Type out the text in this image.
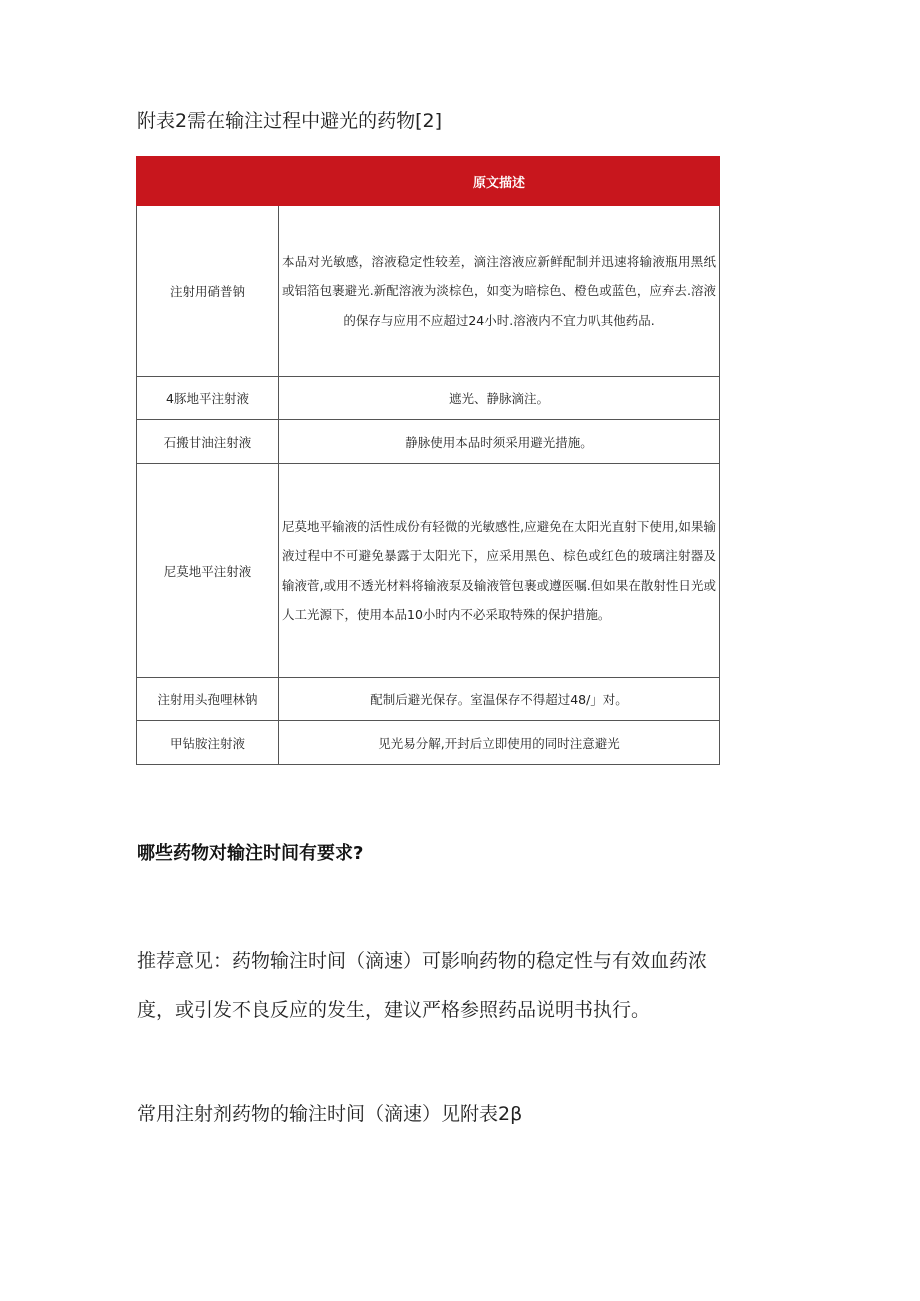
附表2需在输注过程中避光的药物[2]
	原文描述
注射用硝普钠	本品对光敏感，溶液稳定性较差，滴注溶液应新鲜配制并迅速将输液瓶用黑纸或铝箔包裹避光.新配溶液为淡棕色，如变为暗棕色、橙色或蓝色，应弃去.溶液的保存与应用不应超过24小时.溶液内不宜力叭其他药品.
4豚地平注射液	遮光、静脉滴注。
石搬甘油注射液	静脉使用本品时须采用避光措施。
尼莫地平注射液	尼莫地平输液的活性成份有轻微的光敏感性,应避免在太阳光直射下使用,如果输液过程中不可避免暴露于太阳光下，应采用黑色、棕色或红色的玻璃注射器及输液菅,或用不透光材料将输液泵及输液管包裹或遵医嘱.但如果在散射性日光或人工光源下，使用本品10小时内不必采取特殊的保护措施。
注射用头孢哩林钠	配制后避光保存。室温保存不得超过48/」对。
甲钻胺注射液	见光易分解,开封后立即使用的同时注意避光
哪些药物对输注时间有要求?
推荐意见：药物输注时间（滴速）可影响药物的稳定性与有效血药浓度，或引发不良反应的发生，建议严格参照药品说明书执行。
常用注射剂药物的输注时间（滴速）见附表2β
